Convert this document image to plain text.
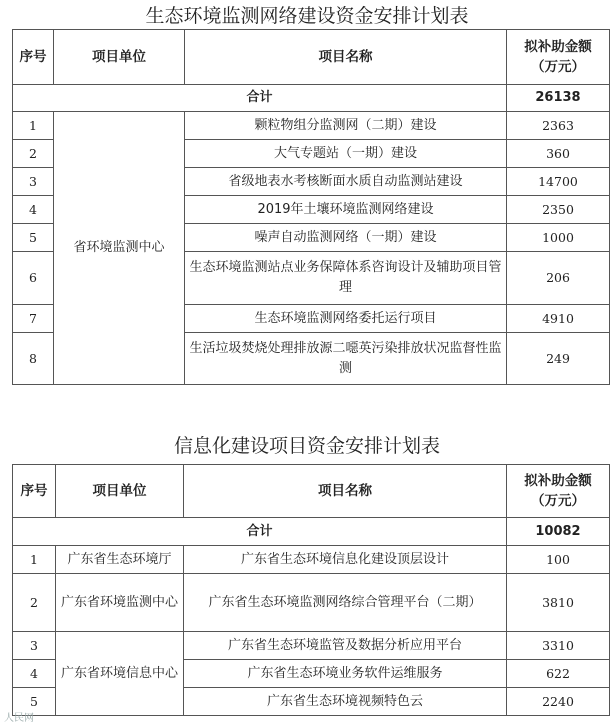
生态环境监测网络建设资金安排计划表
序号	项目单位	项目名称	拟补助金额
（万元）

合计			26138
1	省环境监测中心	颗粒物组分监测网（二期）建设	2363
2		大气专题站（一期）建设	360
3		省级地表水考核断面水质自动监测站建设	14700
4		2019年土壤环境监测网络建设	2350
5		噪声自动监测网络（一期）建设	1000
6		生态环境监测站点业务保障体系咨询设计及辅助项目管理	206
7		生态环境监测网络委托运行项目	4910
8		生活垃圾焚烧处理排放源二噁英污染排放状况监督性监测	249
信息化建设项目资金安排计划表
序号	项目单位	项目名称	拟补助金额
（万元）

合计			10082
1	广东省生态环境厅	广东省生态环境信息化建设顶层设计	100
2	广东省环境监测中心	广东省生态环境监测网络综合管理平台（二期）	3810
3	广东省环境信息中心	广东省生态环境监管及数据分析应用平台	3310
4		广东省生态环境业务软件运维服务	622
5		广东省生态环境视频特色云	2240
人民网
